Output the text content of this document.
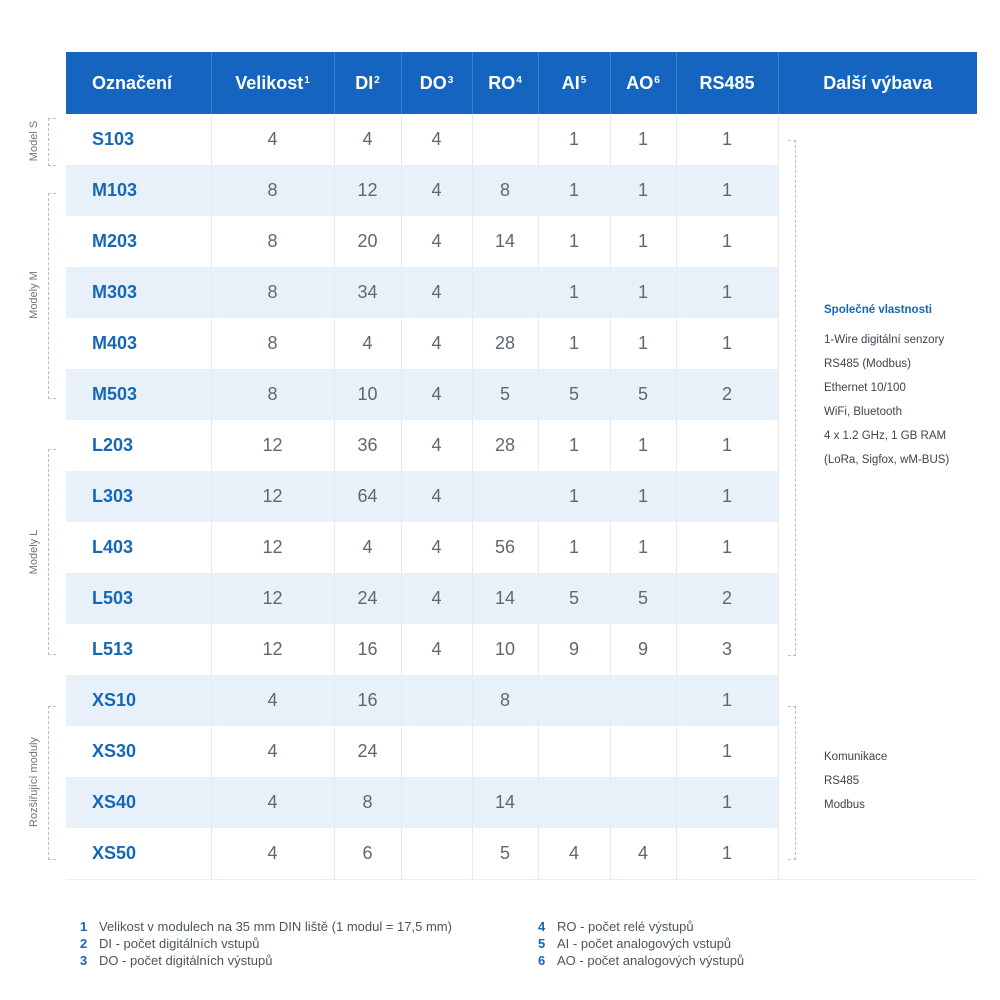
Označení	Velikost$^1$	$DI^2$	$DO^3$	$RO^4$	$AI^5$	$AO^6$	RS485	Další výbava
S103	4	4	4		1	1	1	
M103	8	12	4	8	1	1	1	
M203	8	20	4	14	1	1	1	
M303	8	34	4		1	1	1	
M403	8	4	4	28	1	1	1	
M503	8	10	4	5	5	5	2	
L203	12	36	4	28	1	1	1	
L303	12	64	4		1	1	1	
L403	12	4	4	56	1	1	1	
L503	12	24	4	14	5	5	2	
L513	12	16	4	10	9	9	3	
XS10	4	16		8			1	
XS30	4	24					1	
XS40	4	8		14			1	
XS50	4	6		5	4	4	1	
Model S
Modely M
Modely L
Rozšiřující moduly
Společné vlastnosti
1-Wire digitální senzory
RS485 (Modbus)
Ethernet 10/100
WiFi, Bluetooth
4 x 1.2 GHz, 1 GB RAM
(LoRa, Sigfox, wM-BUS)
Komunikace
RS485
Modbus
1 Velikost v modulech na 35 mm DIN liště (1 modul = 17,5 mm)
2 DI - počet digitálních vstupů
3 DO - počet digitálních výstupů
4 RO - počet relé výstupů
5 AI - počet analogových vstupů
6 AO - počet analogových výstupů
